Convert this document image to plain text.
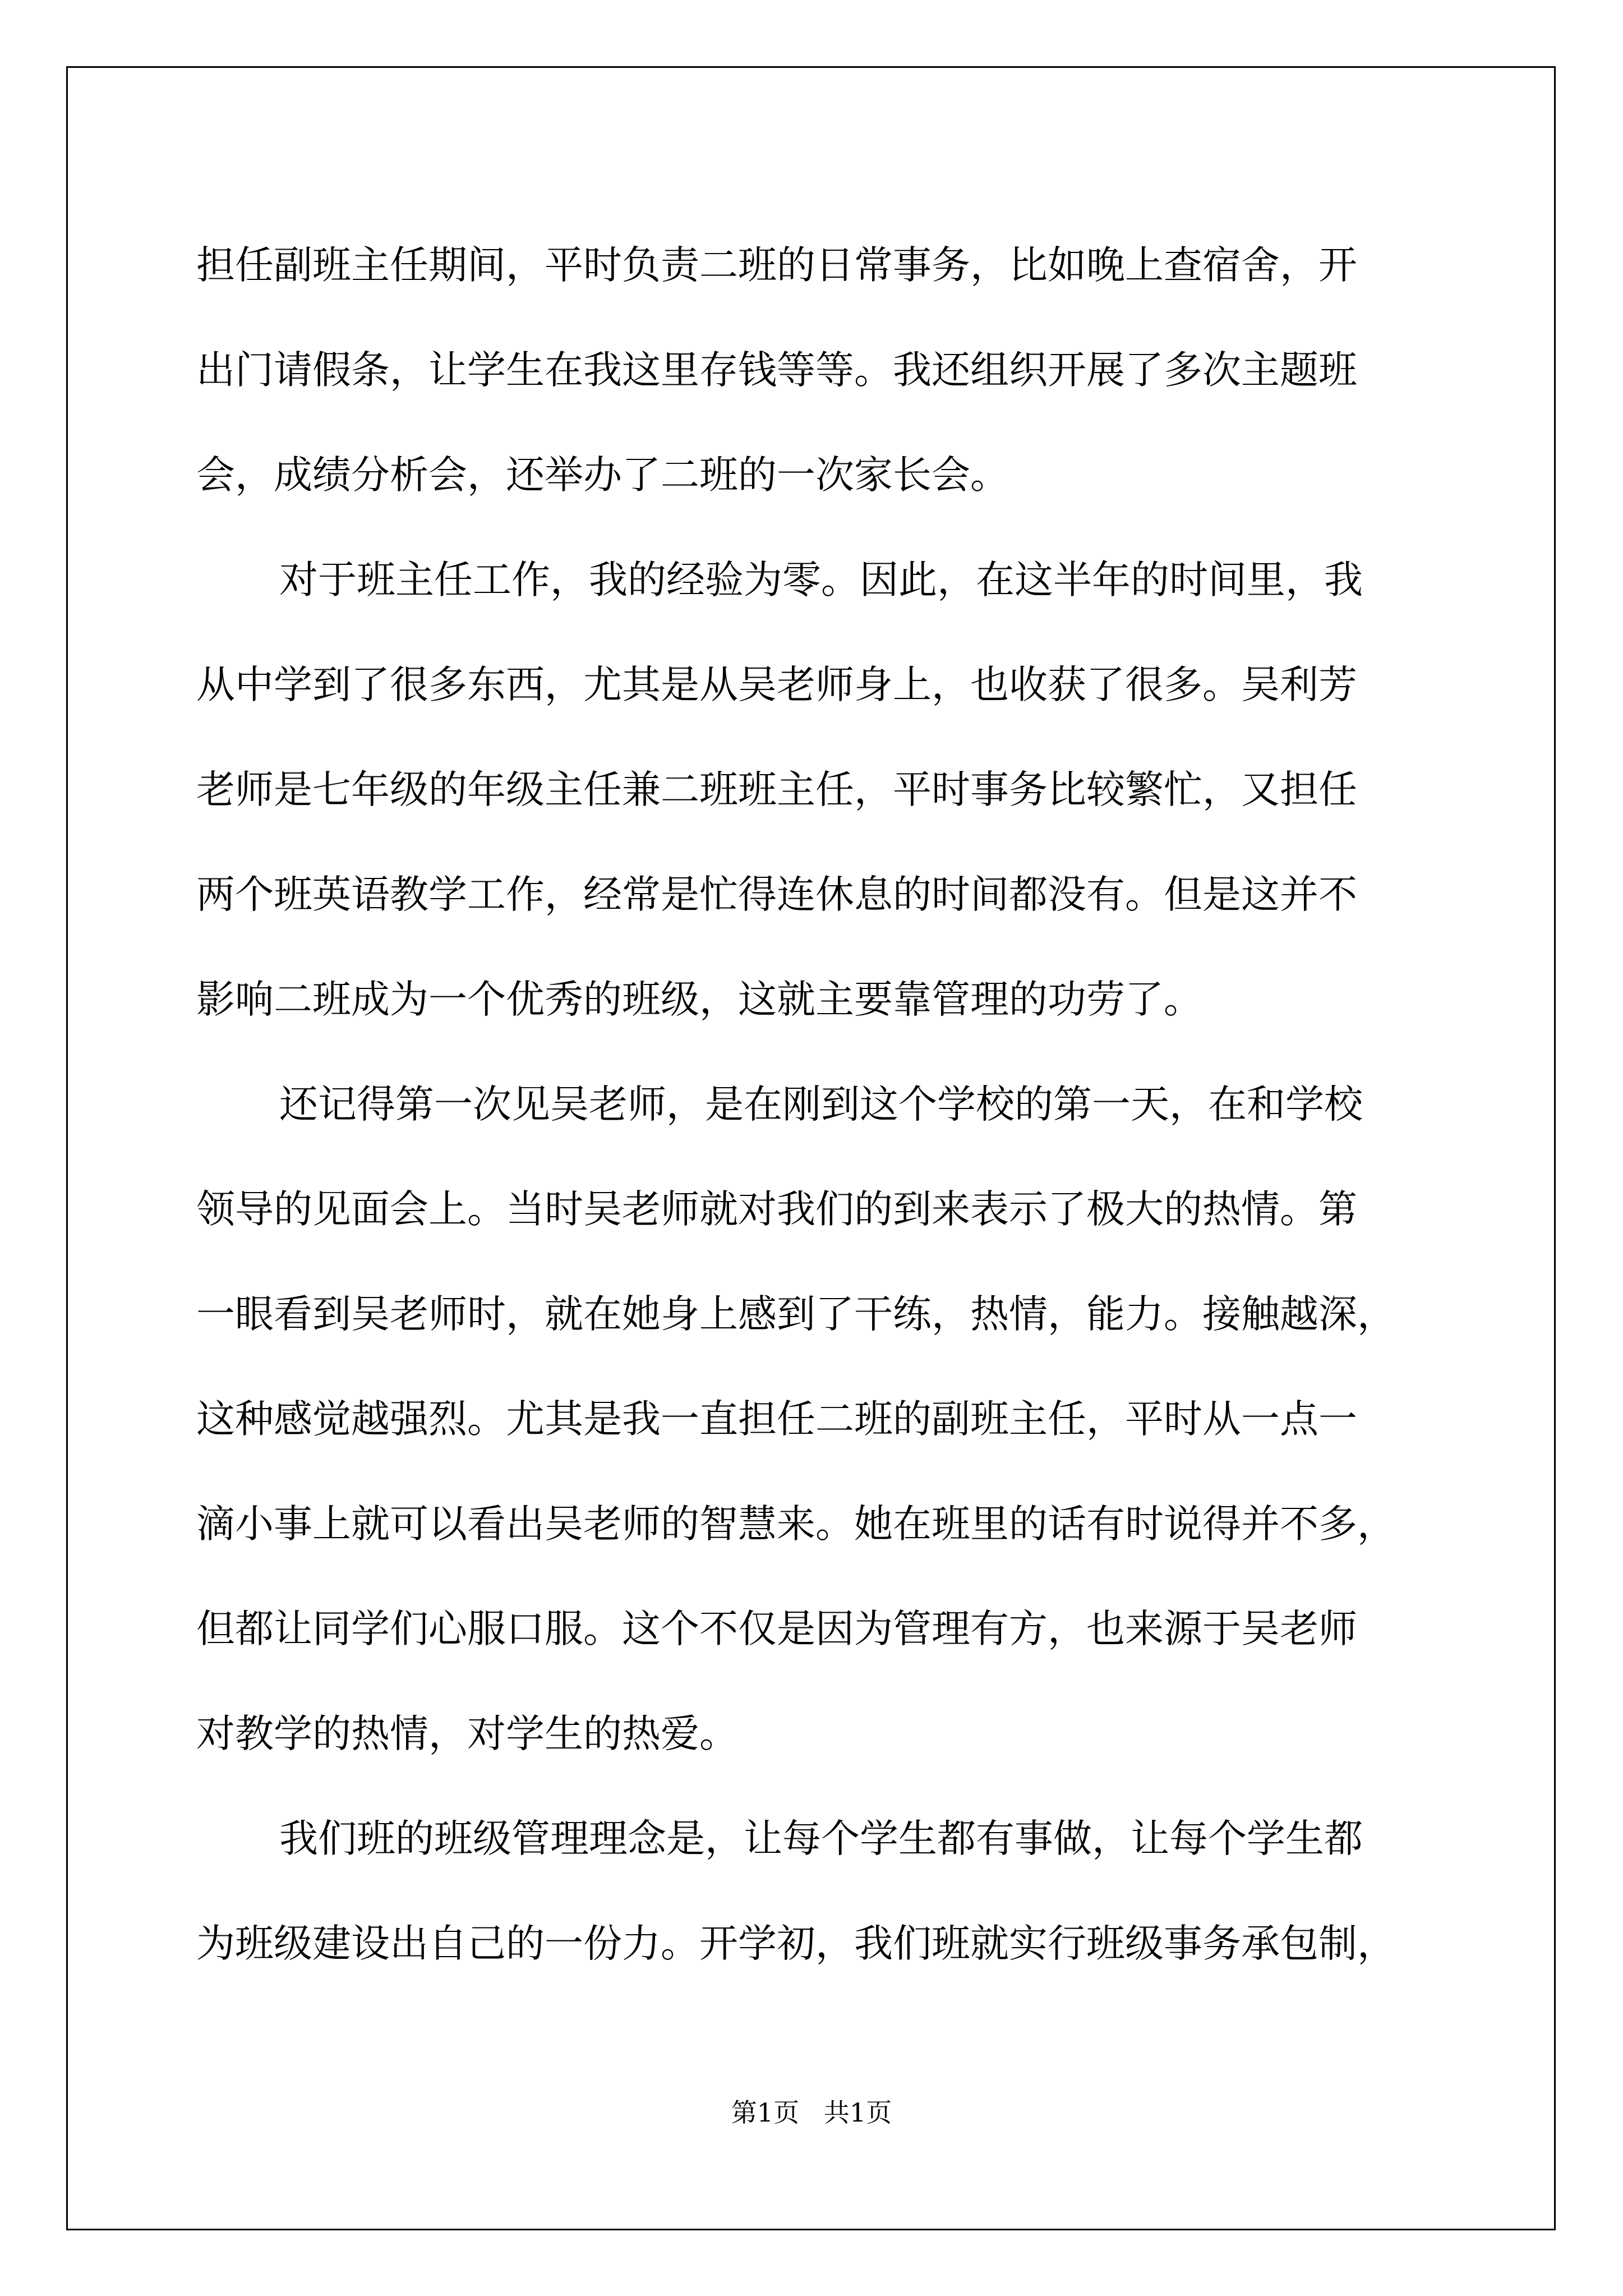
担任副班主任期间，平时负责二班的日常事务，比如晚上查宿舍，开
出门请假条，让学生在我这里存钱等等。我还组织开展了多次主题班
会，成绩分析会，还举办了二班的一次家长会。
对于班主任工作，我的经验为零。因此，在这半年的时间里，我
从中学到了很多东西，尤其是从吴老师身上，也收获了很多。吴利芳
老师是七年级的年级主任兼二班班主任，平时事务比较繁忙，又担任
两个班英语教学工作，经常是忙得连休息的时间都没有。但是这并不
影响二班成为一个优秀的班级，这就主要靠管理的功劳了。
还记得第一次见吴老师，是在刚到这个学校的第一天，在和学校
领导的见面会上。当时吴老师就对我们的到来表示了极大的热情。第
一眼看到吴老师时，就在她身上感到了干练，热情，能力。接触越深，
这种感觉越强烈。尤其是我一直担任二班的副班主任，平时从一点一
滴小事上就可以看出吴老师的智慧来。她在班里的话有时说得并不多，
但都让同学们心服口服。这个不仅是因为管理有方，也来源于吴老师
对教学的热情，对学生的热爱。
我们班的班级管理理念是，让每个学生都有事做，让每个学生都
为班级建设出自己的一份力。开学初，我们班就实行班级事务承包制，
第1页   共1页
